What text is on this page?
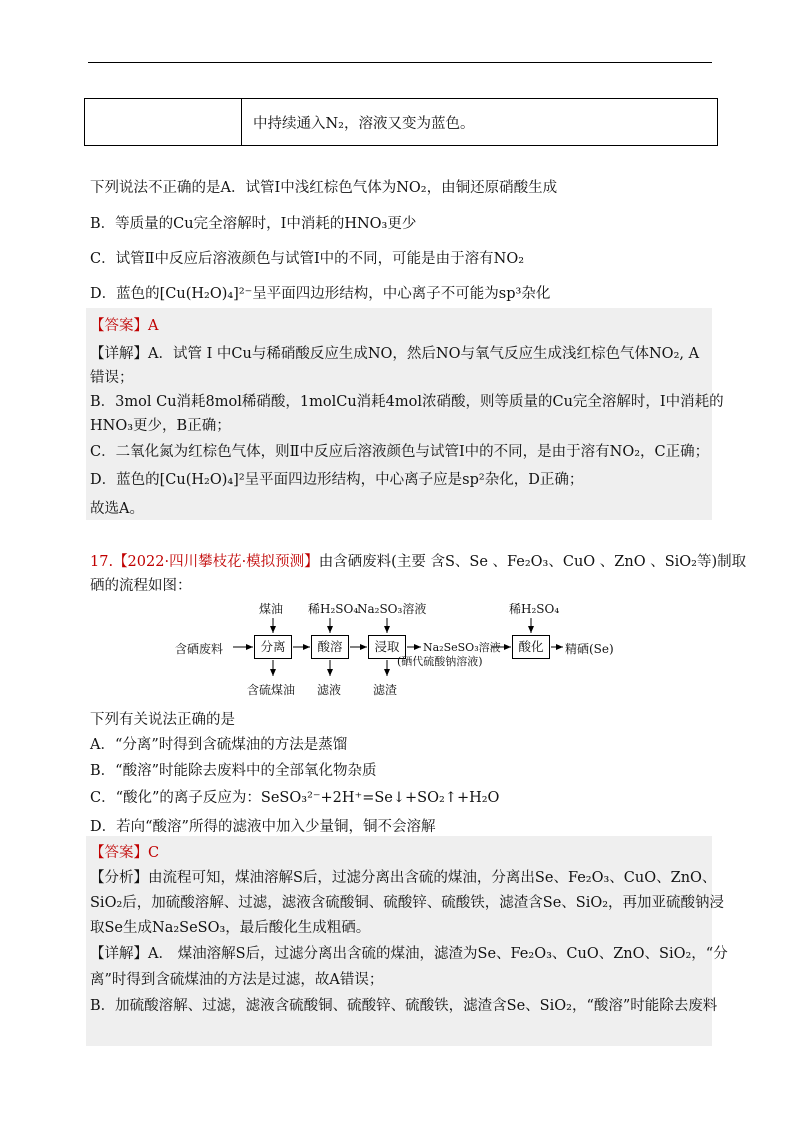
中持续通入N₂，溶液又变为蓝色。
下列说法不正确的是A．试管Ⅰ中浅红棕色气体为NO₂，由铜还原硝酸生成
B．等质量的Cu完全溶解时，Ⅰ中消耗的HNO₃更少
C．试管Ⅱ中反应后溶液颜色与试管Ⅰ中的不同，可能是由于溶有NO₂
D．蓝色的[Cu(H₂O)₄]²⁻呈平面四边形结构，中心离子不可能为sp³杂化
【答案】A
【详解】A．试管 Ⅰ 中Cu与稀硝酸反应生成NO，然后NO与氧气反应生成浅红棕色气体NO₂, A
错误；
B．3mol Cu消耗8mol稀硝酸，1molCu消耗4mol浓硝酸，则等质量的Cu完全溶解时，I中消耗的
HNO₃更少，B正确；
C．二氧化氮为红棕色气体，则Ⅱ中反应后溶液颜色与试管Ⅰ中的不同，是由于溶有NO₂，C正确；
D．蓝色的[Cu(H₂O)₄]²呈平面四边形结构，中心离子应是sp²杂化，D正确；
故选A。
17.【2022·四川攀枝花·模拟预测】由含硒废料(主要 含S、Se 、Fe₂O₃、CuO 、ZnO 、SiO₂等)制取
硒的流程如图：
含硒废料	分离	酸溶	浸取	酸化
煤油 稀H₂SO₄
Na₂SO₃溶液	稀H₂SO₄
含硫煤油 滤液	滤渣
Na₂SeSO₃溶液
(硒代硫酸钠溶液)
精硒(Se)
下列有关说法正确的是
A．“分离”时得到含硫煤油的方法是蒸馏
B．“酸溶”时能除去废料中的全部氧化物杂质
C．“酸化”的离子反应为：SeSO₃²⁻+2H⁺=Se↓+SO₂↑+H₂O
D．若向“酸溶”所得的滤液中加入少量铜，铜不会溶解
【答案】C
【分析】由流程可知，煤油溶解S后，过滤分离出含硫的煤油，分离出Se、Fe₂O₃、CuO、ZnO、
SiO₂后，加硫酸溶解、过滤，滤液含硫酸铜、硫酸锌、硫酸铁，滤渣含Se、SiO₂，再加亚硫酸钠浸
取Se生成Na₂SeSO₃，最后酸化生成粗硒。
【详解】A． 煤油溶解S后，过滤分离出含硫的煤油，滤渣为Se、Fe₂O₃、CuO、ZnO、SiO₂，“分
离”时得到含硫煤油的方法是过滤，故A错误；
B．加硫酸溶解、过滤，滤液含硫酸铜、硫酸锌、硫酸铁，滤渣含Se、SiO₂，“酸溶”时能除去废料
